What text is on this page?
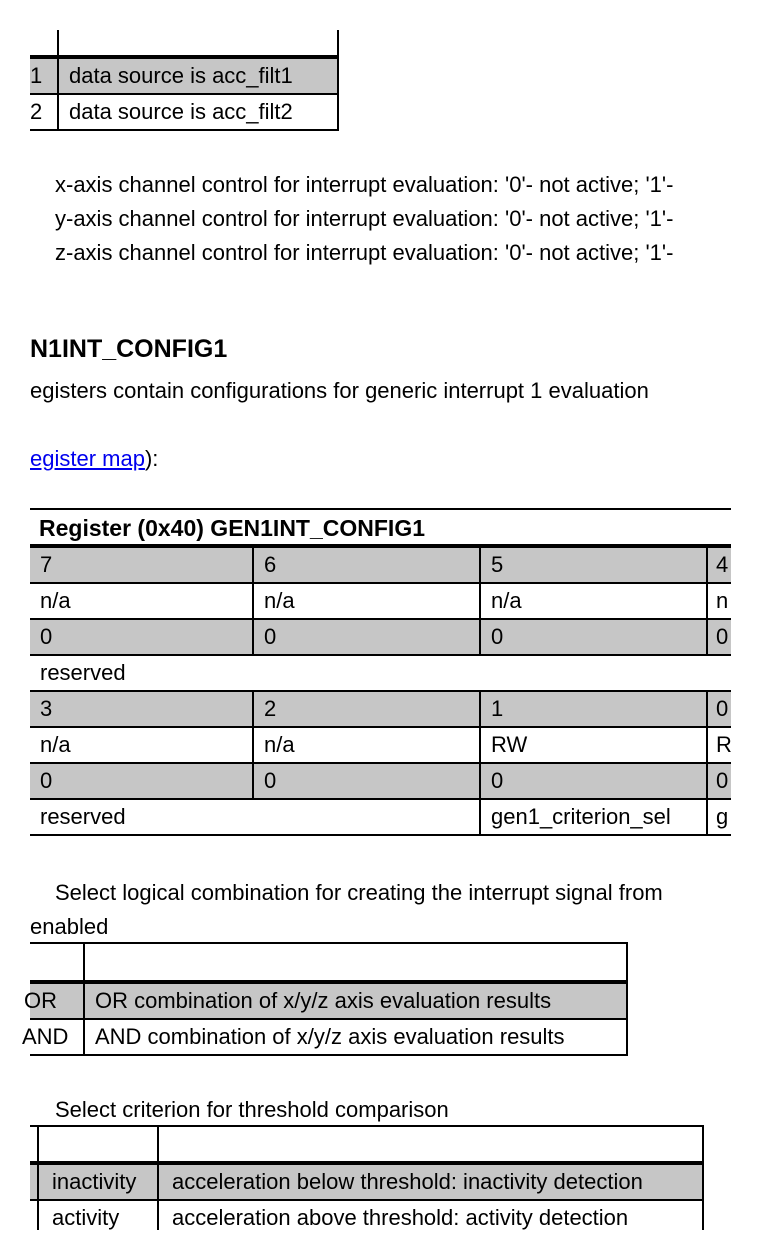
1	data source is acc_filt1
2	data source is acc_filt2
x-axis channel control for interrupt evaluation: '0'- not active; '1'-
y-axis channel control for interrupt evaluation: '0'- not active; '1'-
z-axis channel control for interrupt evaluation: '0'- not active; '1'-
N1INT_CONFIG1
egisters contain configurations for generic interrupt 1 evaluation
egister map):
Register (0x40) GEN1INT_CONFIG1
7	6	5	4
n/a	n/a	n/a	n
0	0	0	0
reserved
3	2	1	0
n/a	n/a	RW	R
0	0	0	0
reserved	gen1_criterion_sel	g
Select logical combination for creating the interrupt signal from
enabled
OR	OR combination of x/y/z axis evaluation results
AND	AND combination of x/y/z axis evaluation results
Select criterion for threshold comparison
inactivity	acceleration below threshold: inactivity detection
activity	acceleration above threshold: activity detection
